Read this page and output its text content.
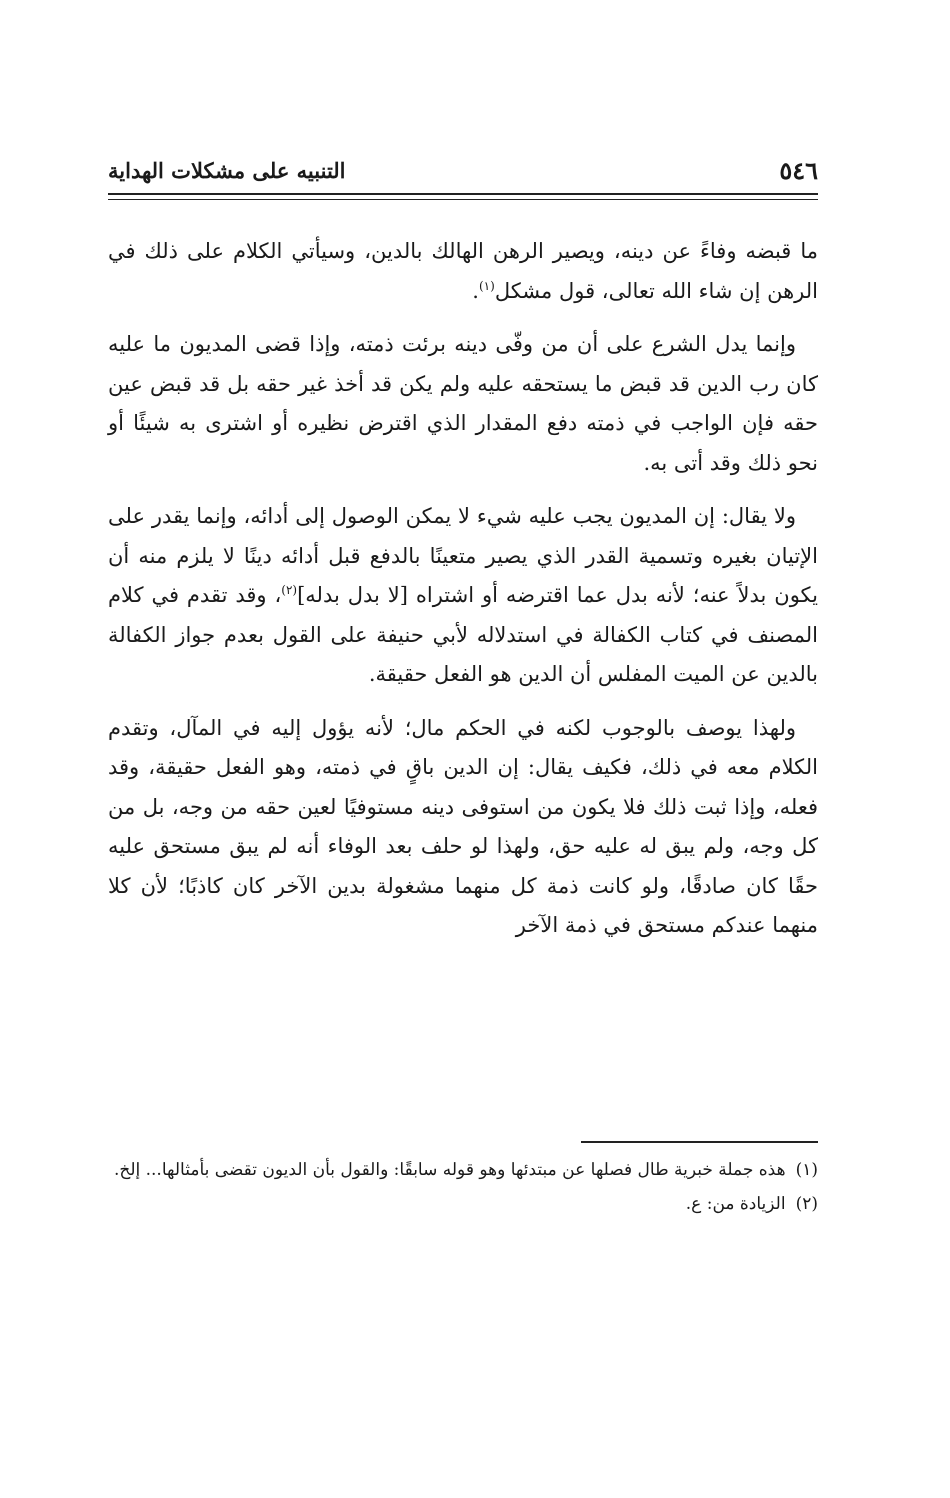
٥٤٦
التنبيه على مشكلات الهداية

ما قبضه وفاءً عن دينه، ويصير الرهن الهالك بالدين، وسيأتي الكلام على ذلك في الرهن إن شاء الله تعالى، قول مشكل$^{(١)}$.

وإنما يدل الشرع على أن من وفّى دينه برئت ذمته، وإذا قضى المديون ما عليه كان رب الدين قد قبض ما يستحقه عليه ولم يكن قد أخذ غير حقه بل قد قبض عين حقه فإن الواجب في ذمته دفع المقدار الذي اقترض نظيره أو اشترى به شيئًا أو نحو ذلك وقد أتى به.

ولا يقال: إن المديون يجب عليه شيء لا يمكن الوصول إلى أدائه، وإنما يقدر على الإتيان بغيره وتسمية القدر الذي يصير متعينًا بالدفع قبل أدائه دينًا لا يلزم منه أن يكون بدلاً عنه؛ لأنه بدل عما اقترضه أو اشتراه [لا بدل بدله]$^{(٢)}$، وقد تقدم في كلام المصنف في كتاب الكفالة في استدلاله لأبي حنيفة على القول بعدم جواز الكفالة بالدين عن الميت المفلس أن الدين هو الفعل حقيقة.

ولهذا يوصف بالوجوب لكنه في الحكم مال؛ لأنه يؤول إليه في المآل، وتقدم الكلام معه في ذلك، فكيف يقال: إن الدين باقٍ في ذمته، وهو الفعل حقيقة، وقد فعله، وإذا ثبت ذلك فلا يكون من استوفى دينه مستوفيًا لعين حقه من وجه، بل من كل وجه، ولم يبق له عليه حق، ولهذا لو حلف بعد الوفاء أنه لم يبق مستحق عليه حقًا كان صادقًا، ولو كانت ذمة كل منهما مشغولة بدين الآخر كان كاذبًا؛ لأن كلا منهما عندكم مستحق في ذمة الآخر

(١)
هذه جملة خبرية طال فصلها عن مبتدئها وهو قوله سابقًا: والقول بأن الديون تقضى بأمثالها... إلخ.
(٢)
الزيادة من: ع.
